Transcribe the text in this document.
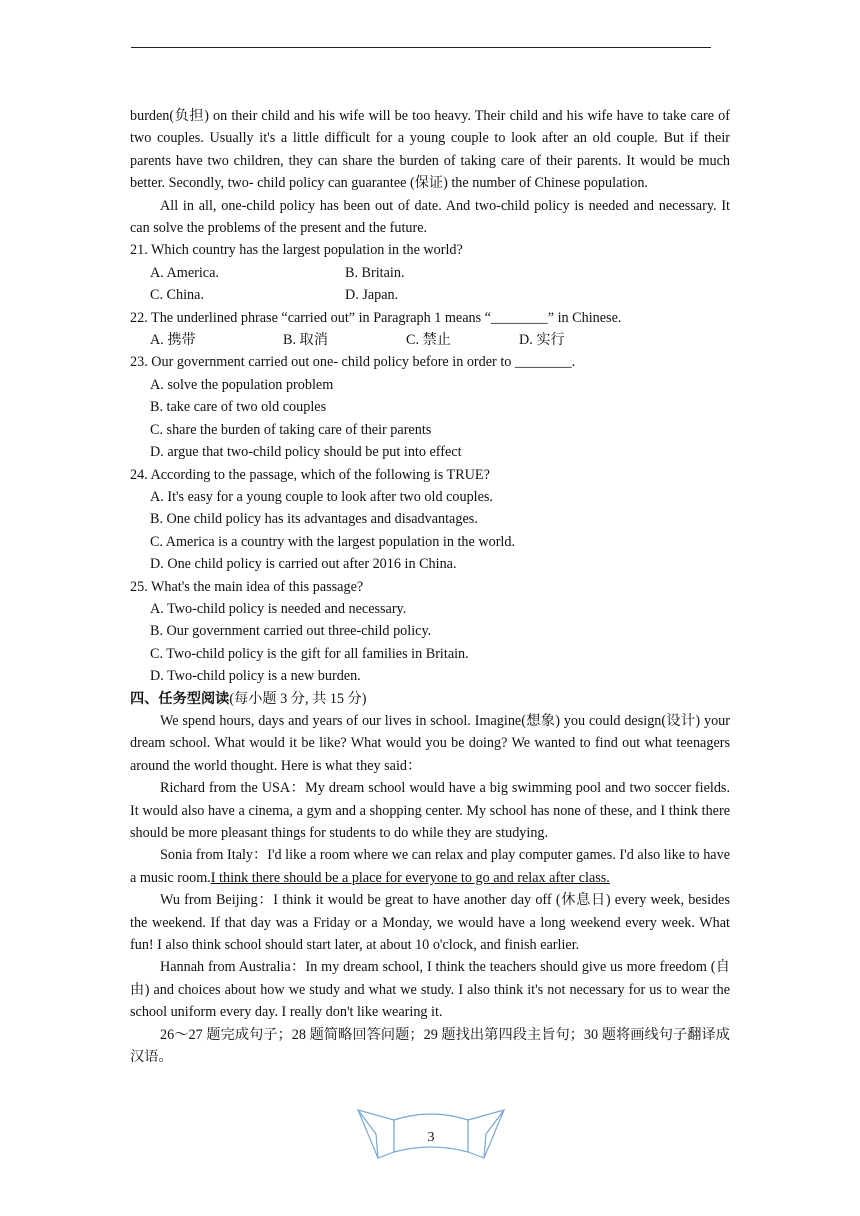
burden(负担) on their child and his wife will be too heavy. Their child and his wife have to take care of two couples. Usually it's a little difficult for a young couple to look after an old couple. But if their parents have two children, they can share the burden of taking care of their parents. It would be much better. Secondly, two- child policy can guarantee (保证) the number of Chinese population.

All in all, one-child policy has been out of date. And two-child policy is needed and necessary. It can solve the problems of the present and the future.

21. Which country has the largest population in the world?

A. America.	B. Britain.
C. China.	D. Japan.

22. The underlined phrase “carried out” in Paragraph 1 means “________” in Chinese.

A. 携带	B. 取消	C. 禁止	D. 实行

23. Our government carried out one- child policy before in order to ________.

A. solve the population problem

B. take care of two old couples

C. share the burden of taking care of their parents

D. argue that two-child policy should be put into effect

24. According to the passage, which of the following is TRUE?

A. It's easy for a young couple to look after two old couples.

B. One child policy has its advantages and disadvantages.

C. America is a country with the largest population in the world.

D. One child policy is carried out after 2016 in China.

25. What's the main idea of this passage?

A. Two-child policy is needed and necessary.

B. Our government carried out three-child policy.

C. Two-child policy is the gift for all families in Britain.

D. Two-child policy is a new burden.

四、任务型阅读(每小题 3 分, 共 15 分)

We spend hours, days and years of our lives in school. Imagine(想象) you could design(设计) your dream school. What would it be like? What would you be doing? We wanted to find out what teenagers around the world thought. Here is what they said：

Richard from the USA：My dream school would have a big swimming pool and two soccer fields. It would also have a cinema, a gym and a shopping center. My school has none of these, and I think there should be more pleasant things for students to do while they are studying.

Sonia from Italy：I'd like a room where we can relax and play computer games. I'd also like to have a music room.I think there should be a place for everyone to go and relax after class.

Wu from Beijing：I think it would be great to have another day off (休息日) every week, besides the weekend. If that day was a Friday or a Monday, we would have a long weekend every week. What fun! I also think school should start later, at about 10 o'clock, and finish earlier.

Hannah from Australia：In my dream school, I think the teachers should give us more freedom (自由) and choices about how we study and what we study. I also think it's not necessary for us to wear the school uniform every day. I really don't like wearing it.

26～27 题完成句子；28 题简略回答问题；29 题找出第四段主旨句；30 题将画线句子翻译成汉语。

3
